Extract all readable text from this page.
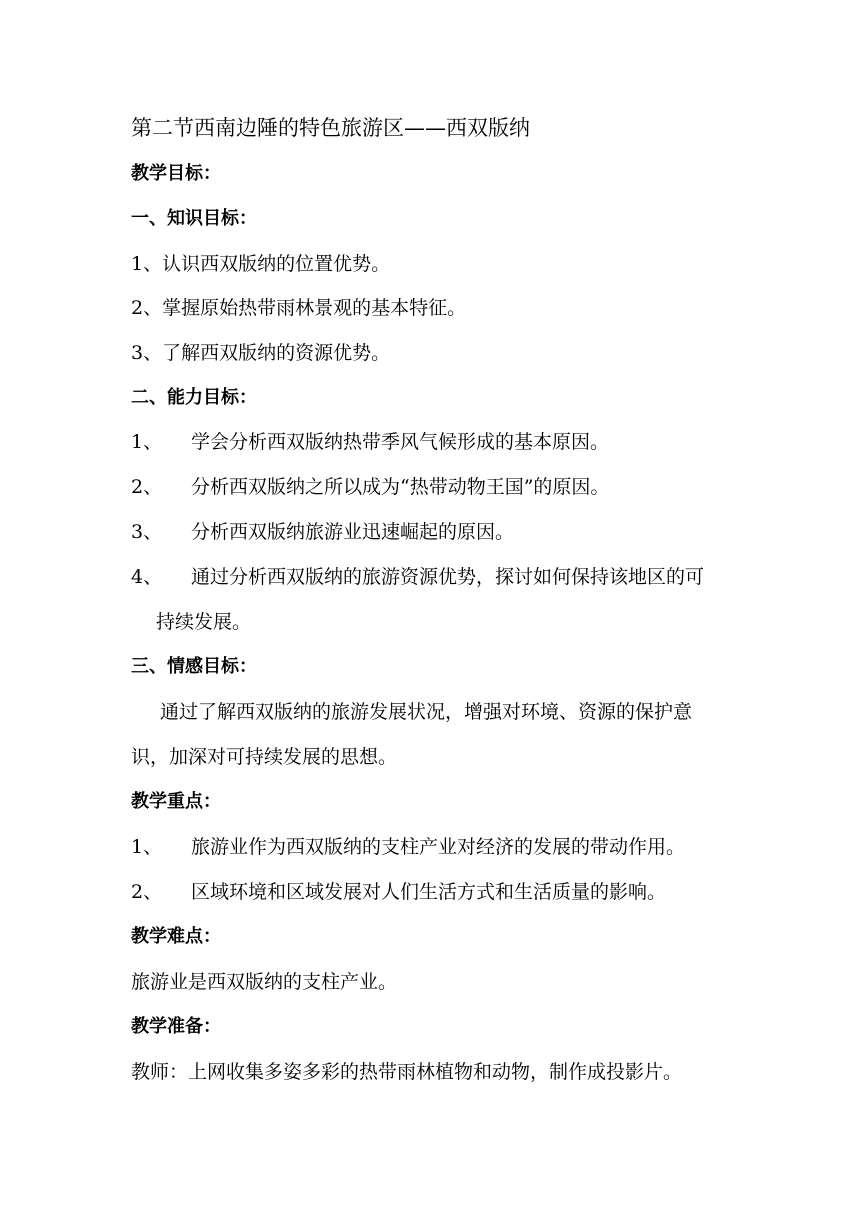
第二节西南边陲的特色旅游区——西双版纳
教学目标：
一、知识目标：
1、认识西双版纳的位置优势。
2、掌握原始热带雨林景观的基本特征。
3、了解西双版纳的资源优势。
二、能力目标：
1、 学会分析西双版纳热带季风气候形成的基本原因。
2、 分析西双版纳之所以成为“热带动物王国”的原因。
3、 分析西双版纳旅游业迅速崛起的原因。
4、 通过分析西双版纳的旅游资源优势，探讨如何保持该地区的可
持续发展。
三、情感目标：
通过了解西双版纳的旅游发展状况，增强对环境、资源的保护意
识，加深对可持续发展的思想。
教学重点：
1、 旅游业作为西双版纳的支柱产业对经济的发展的带动作用。
2、 区域环境和区域发展对人们生活方式和生活质量的影响。
教学难点：
旅游业是西双版纳的支柱产业。
教学准备：
教师：上网收集多姿多彩的热带雨林植物和动物，制作成投影片。
